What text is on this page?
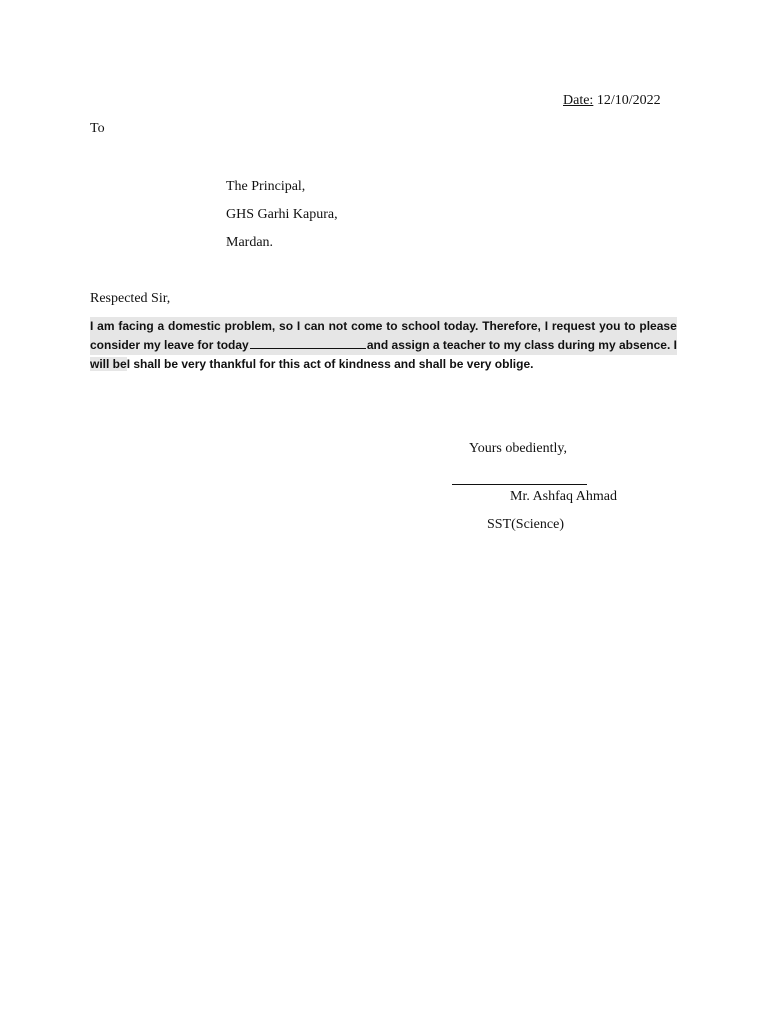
Date: 12/10/2022
To
The Principal,
GHS Garhi Kapura,
Mardan.
Respected Sir,
I am facing a domestic problem, so I can not come to school today. Therefore, I request you to please
consider my leave for today	and assign a teacher to my class during my absence. I
will beI shall be very thankful for this act of kindness and shall be very oblige.
Yours obediently,
Mr. Ashfaq Ahmad
SST(Science)
